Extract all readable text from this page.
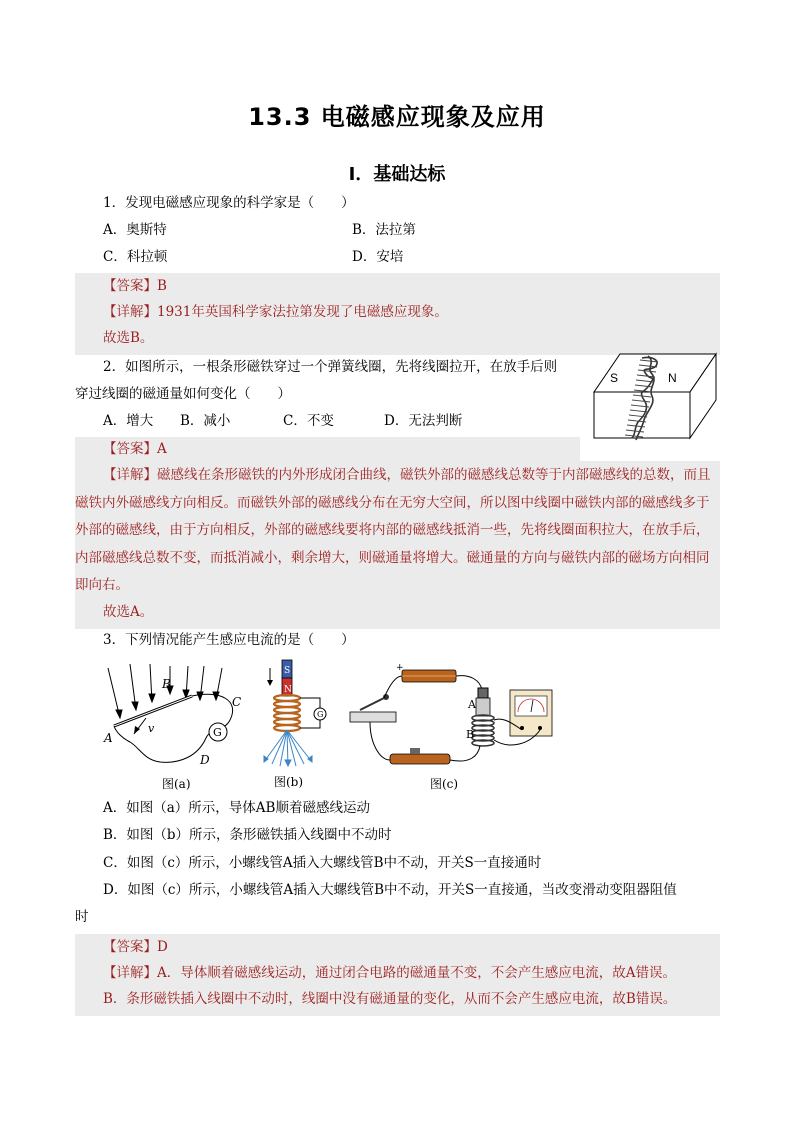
13.3 电磁感应现象及应用
Ⅰ．基础达标
1．发现电磁感应现象的科学家是（　　）
A．奥斯特	B．法拉第
C．科拉顿	D．安培
【答案】B
【详解】1931年英国科学家法拉第发现了电磁感应现象。
故选B。
2．如图所示，一根条形磁铁穿过一个弹簧线圈，先将线圈拉开，在放手后则
穿过线圈的磁通量如何变化（　　）
A．增大 B．减小	C．不变	D．无法判断
S	N
【答案】A
【详解】磁感线在条形磁铁的内外形成闭合曲线，磁铁外部的磁感线总数等于内部磁感线的总数，而且磁铁内外磁感线方向相反。而磁铁外部的磁感线分布在无穷大空间，所以图中线圈中磁铁内部的磁感线多于外部的磁感线，由于方向相反，外部的磁感线要将内部的磁感线抵消一些，先将线圈面积拉大，在放手后，内部磁感线总数不变，而抵消减小，剩余增大，则磁通量将增大。磁通量的方向与磁铁内部的磁场方向相同即向右。
故选A。
3．下列情况能产生感应电流的是（　　）
G
A
B
C
D
v
图(a)
S
N
G
图(b)
+
A
B
图(c)
A．如图（a）所示，导体AB顺着磁感线运动
B．如图（b）所示，条形磁铁插入线圈中不动时
C．如图（c）所示，小螺线管A插入大螺线管B中不动，开关S一直接通时
D．如图（c）所示，小螺线管A插入大螺线管B中不动，开关S一直接通，当改变滑动变阻器阻值
时
【答案】D
【详解】A．导体顺着磁感线运动，通过闭合电路的磁通量不变，不会产生感应电流，故A错误。
B．条形磁铁插入线圈中不动时，线圈中没有磁通量的变化，从而不会产生感应电流，故B错误。
